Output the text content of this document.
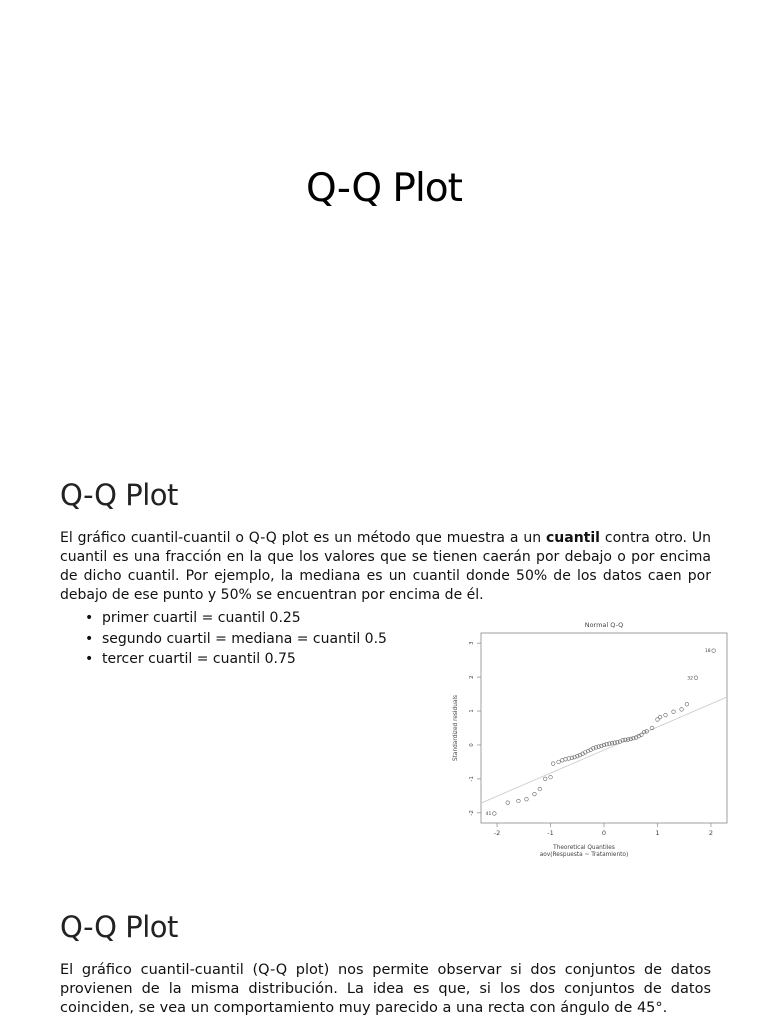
Q-Q Plot
Q-Q Plot
El gráfico cuantil-cuantil o Q-Q plot es un método que muestra a un cuantil contra otro. Un cuantil es una fracción en la que los valores que se tienen caerán por debajo o por encima de dicho cuantil. Por ejemplo, la mediana es un cuantil donde 50% de los datos caen por debajo de ese punto y 50% se encuentran por encima de él.
• primer cuartil = cuantil 0.25
• segundo cuartil = mediana = cuantil 0.5
• tercer cuartil = cuantil 0.75
Normal Q-Q
-2	-1	0	1	2
-2
-1
0
1
2
3
Theoretical Quantiles
aov(Respuesta ~ Tratamiento)
Standardized residuals
18
32
41
Q-Q Plot
El gráfico cuantil-cuantil (Q-Q plot) nos permite observar si dos conjuntos de datos provienen de la misma distribución. La idea es que, si los dos conjuntos de datos coinciden, se vea un comportamiento muy parecido a una recta con ángulo de 45°.
